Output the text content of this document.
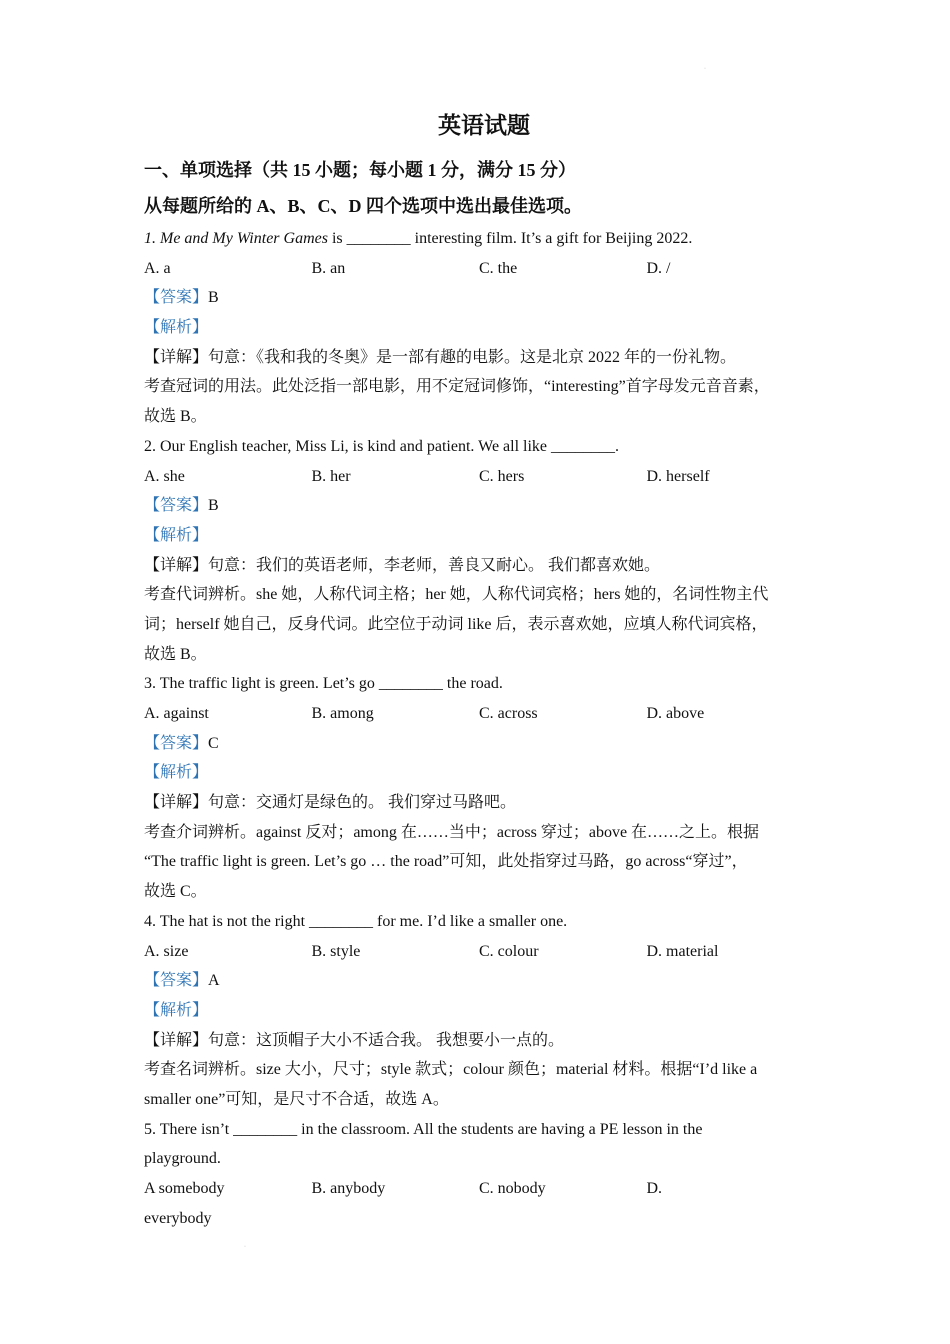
·
·
英语试题
一、单项选择（共 15 小题；每小题 1 分，满分 15 分）
从每题所给的 A、B、C、D 四个选项中选出最佳选项。
1. Me and My Winter Games is ________ interesting film. It’s a gift for Beijing 2022.
A. a	B. an	C. the	D. /
【答案】B
【解析】
【详解】句意：《我和我的冬奥》是一部有趣的电影。这是北京 2022 年的一份礼物。
考查冠词的用法。此处泛指一部电影，用不定冠词修饰，“interesting”首字母发元音音素，
故选 B。
2. Our English teacher, Miss Li, is kind and patient. We all like ________.
A. she	B. her	C. hers	D. herself
【答案】B
【解析】
【详解】句意：我们的英语老师，李老师，善良又耐心。 我们都喜欢她。
考查代词辨析。she 她，人称代词主格；her 她，人称代词宾格；hers 她的，名词性物主代
词；herself 她自己，反身代词。此空位于动词 like 后，表示喜欢她，应填人称代词宾格，
故选 B。
3. The traffic light is green. Let’s go ________ the road.
A. against	B. among	C. across	D. above
【答案】C
【解析】
【详解】句意：交通灯是绿色的。 我们穿过马路吧。
考查介词辨析。against 反对；among 在……当中；across 穿过；above 在……之上。根据
“The traffic light is green. Let’s go … the road”可知，此处指穿过马路，go across“穿过”，
故选 C。
4. The hat is not the right ________ for me. I’d like a smaller one.
A. size	B. style	C. colour	D. material
【答案】A
【解析】
【详解】句意：这顶帽子大小不适合我。 我想要小一点的。
考查名词辨析。size 大小，尺寸；style 款式；colour 颜色；material 材料。根据“I’d like a
smaller one”可知，是尺寸不合适，故选 A。
5. There isn’t ________ in the classroom. All the students are having a PE lesson in the
playground.
A somebody	B. anybody	C. nobody	D.
everybody
